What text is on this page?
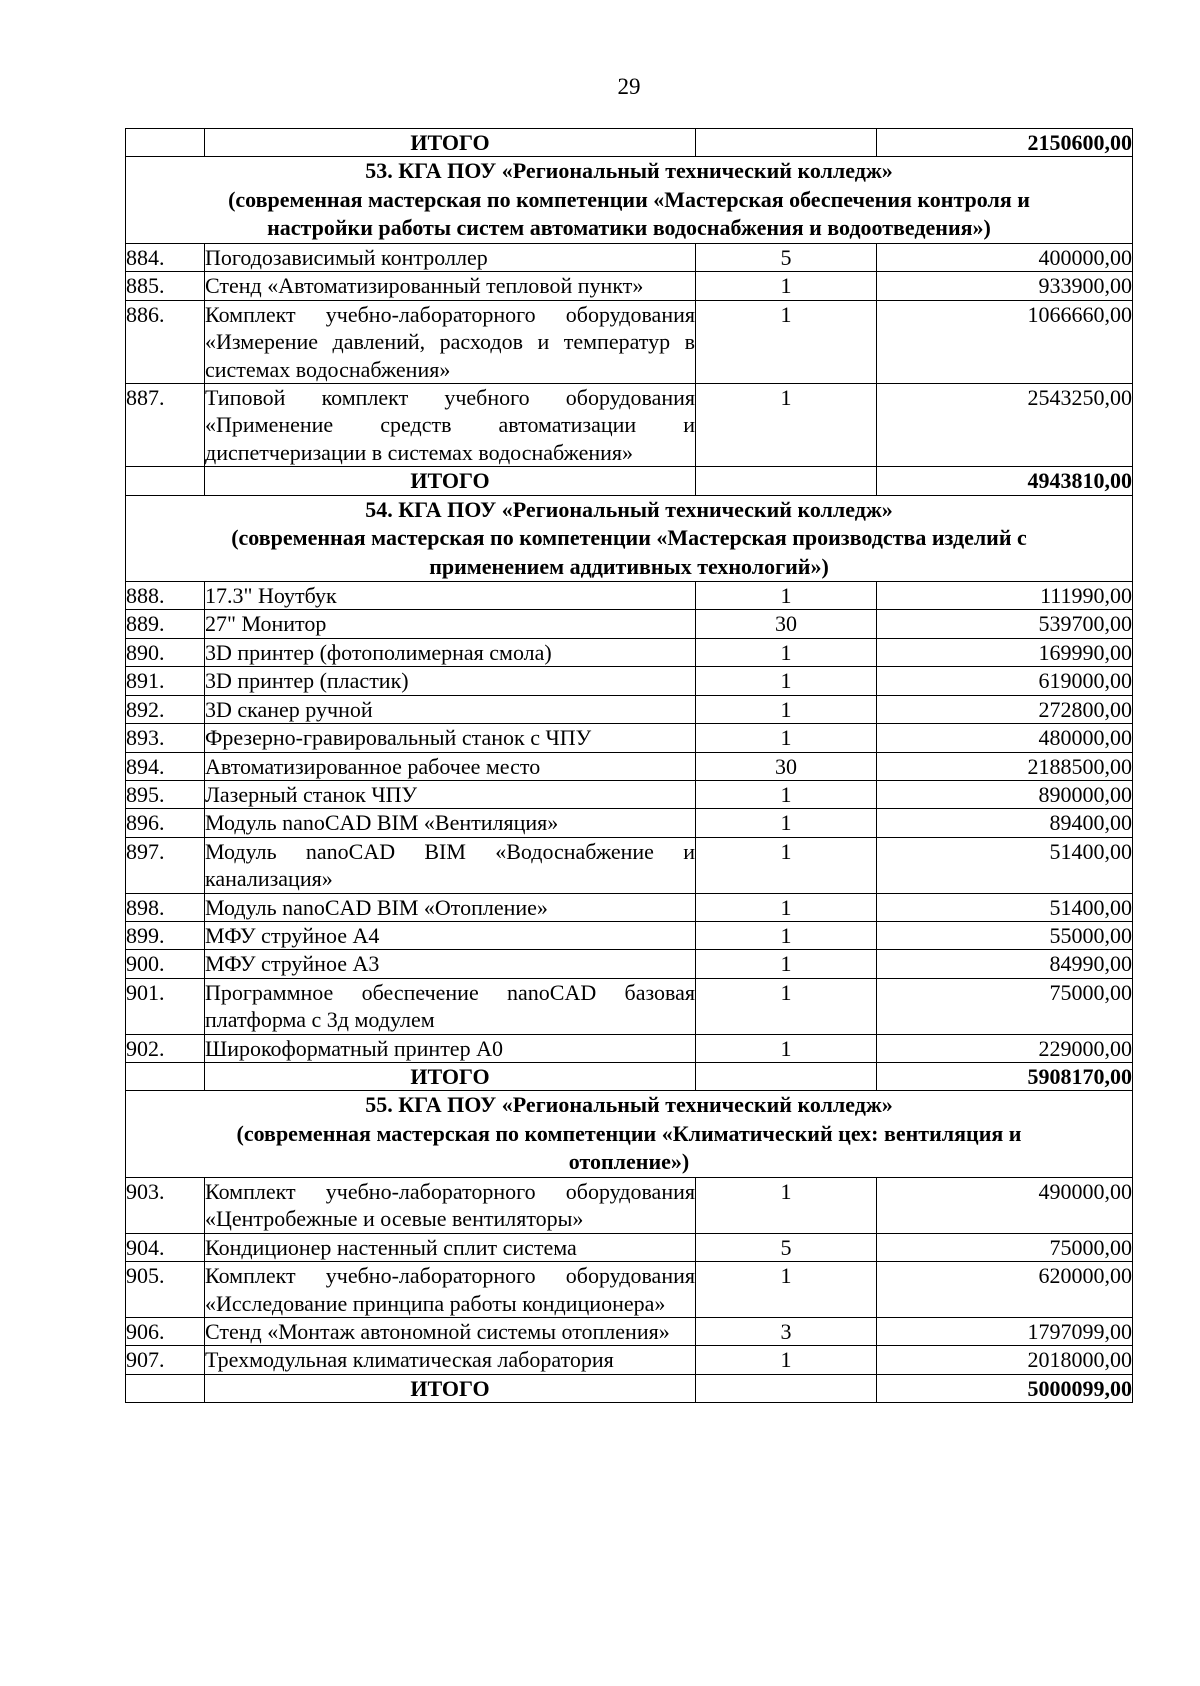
29
	ИТОГО		2150600,00

53. КГА ПОУ «Региональный технический колледж»
(современная мастерская по компетенции «Мастерская обеспечения контроля и
настройки работы систем автоматики водоснабжения и водоотведения»)			

884.	Погодозависимый контроллер	5	400000,00
885.	Стенд «Автоматизированный тепловой пункт»	1	933900,00
886.	Комплект учебно-лабораторного оборудования «Измерение давлений, расходов и температур в системах водоснабжения»	1	1066660,00
887.	Типовой комплект учебного оборудования «Применение средств автоматизации и диспетчеризации в системах водоснабжения»	1	2543250,00
	ИТОГО		4943810,00

54. КГА ПОУ «Региональный технический колледж»
(современная мастерская по компетенции «Мастерская производства изделий с
применением аддитивных технологий»)			

888.	17.3" Ноутбук	1	111990,00
889.	27" Монитор	30	539700,00
890.	3D принтер (фотополимерная смола)	1	169990,00
891.	3D принтер (пластик)	1	619000,00
892.	3D сканер ручной	1	272800,00
893.	Фрезерно-гравировальный станок с ЧПУ	1	480000,00
894.	Автоматизированное рабочее место	30	2188500,00
895.	Лазерный станок ЧПУ	1	890000,00
896.	Модуль nanoCAD BIM «Вентиляция»	1	89400,00
897.	Модуль nanoCAD BIM «Водоснабжение и канализация»	1	51400,00
898.	Модуль nanoCAD BIM «Отопление»	1	51400,00
899.	МФУ струйное А4	1	55000,00
900.	МФУ струйное А3	1	84990,00
901.	Программное обеспечение nanoCAD базовая платформа с 3д модулем	1	75000,00
902.	Широкоформатный принтер А0	1	229000,00
	ИТОГО		5908170,00

55. КГА ПОУ «Региональный технический колледж»
(современная мастерская по компетенции «Климатический цех: вентиляция и
отопление»)			

903.	Комплект учебно-лабораторного оборудования «Центробежные и осевые вентиляторы»	1	490000,00
904.	Кондиционер настенный сплит система	5	75000,00
905.	Комплект учебно-лабораторного оборудования «Исследование принципа работы кондиционера»	1	620000,00
906.	Стенд «Монтаж автономной системы отопления»	3	1797099,00
907.	Трехмодульная климатическая лаборатория	1	2018000,00
	ИТОГО		5000099,00
